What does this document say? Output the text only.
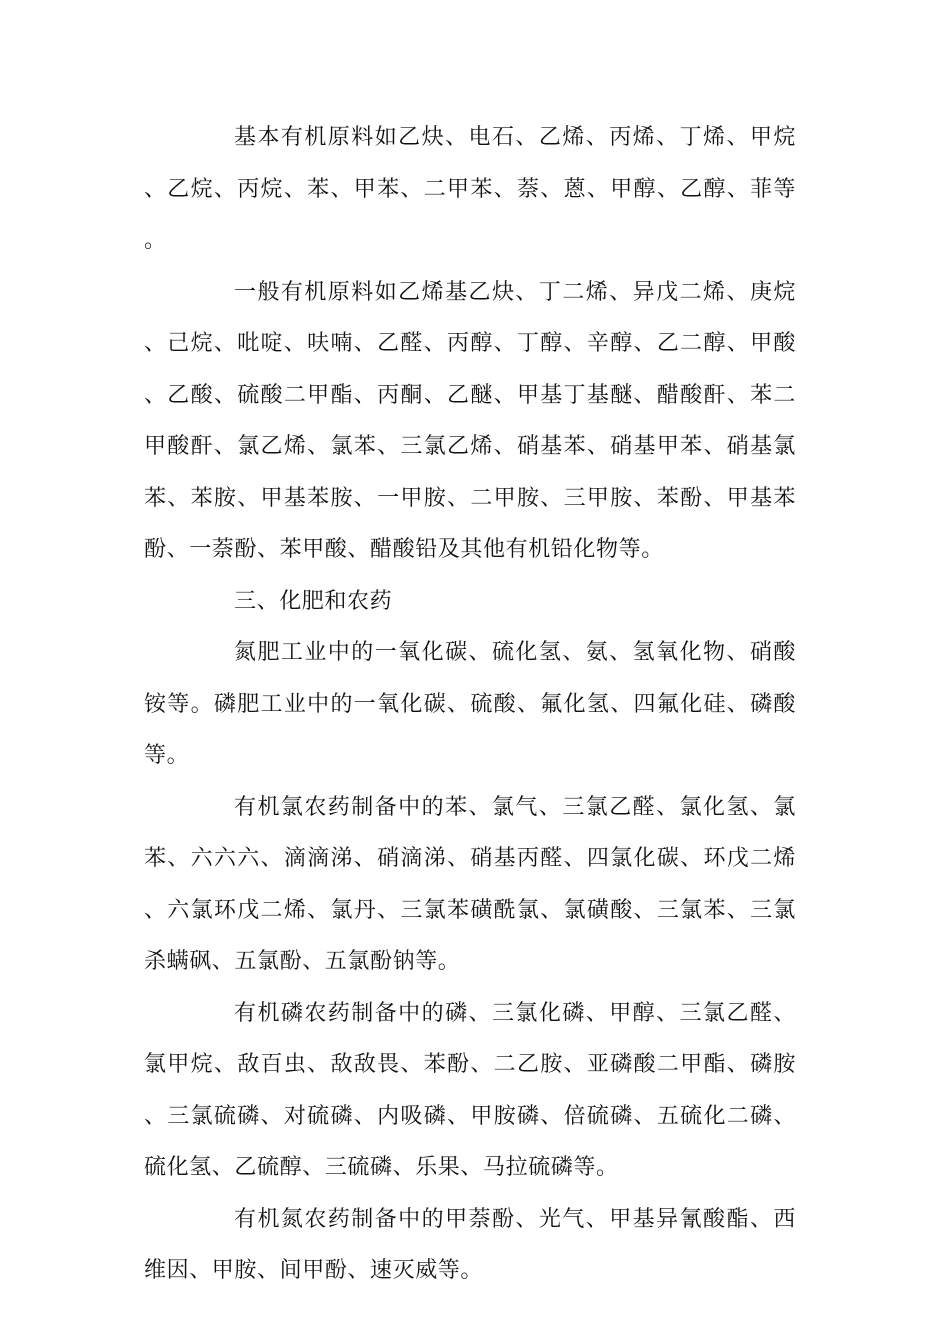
基本有机原料如乙炔、电石、乙烯、丙烯、丁烯、甲烷、乙烷、丙烷、苯、甲苯、二甲苯、萘、蒽、甲醇、乙醇、菲等。

一般有机原料如乙烯基乙炔、丁二烯、异戊二烯、庚烷、己烷、吡啶、呋喃、乙醛、丙醇、丁醇、辛醇、乙二醇、甲酸、乙酸、硫酸二甲酯、丙酮、乙醚、甲基丁基醚、醋酸酐、苯二甲酸酐、氯乙烯、氯苯、三氯乙烯、硝基苯、硝基甲苯、硝基氯苯、苯胺、甲基苯胺、一甲胺、二甲胺、三甲胺、苯酚、甲基苯酚、一萘酚、苯甲酸、醋酸铅及其他有机铅化物等。

三、化肥和农药

氮肥工业中的一氧化碳、硫化氢、氨、氢氧化物、硝酸铵等。磷肥工业中的一氧化碳、硫酸、氟化氢、四氟化硅、磷酸等。

有机氯农药制备中的苯、氯气、三氯乙醛、氯化氢、氯苯、六六六、滴滴涕、硝滴涕、硝基丙醛、四氯化碳、环戊二烯、六氯环戊二烯、氯丹、三氯苯磺酰氯、氯磺酸、三氯苯、三氯杀螨砜、五氯酚、五氯酚钠等。

有机磷农药制备中的磷、三氯化磷、甲醇、三氯乙醛、氯甲烷、敌百虫、敌敌畏、苯酚、二乙胺、亚磷酸二甲酯、磷胺、三氯硫磷、对硫磷、内吸磷、甲胺磷、倍硫磷、五硫化二磷、硫化氢、乙硫醇、三硫磷、乐果、马拉硫磷等。

有机氮农药制备中的甲萘酚、光气、甲基异氰酸酯、西维因、甲胺、间甲酚、速灭威等。
